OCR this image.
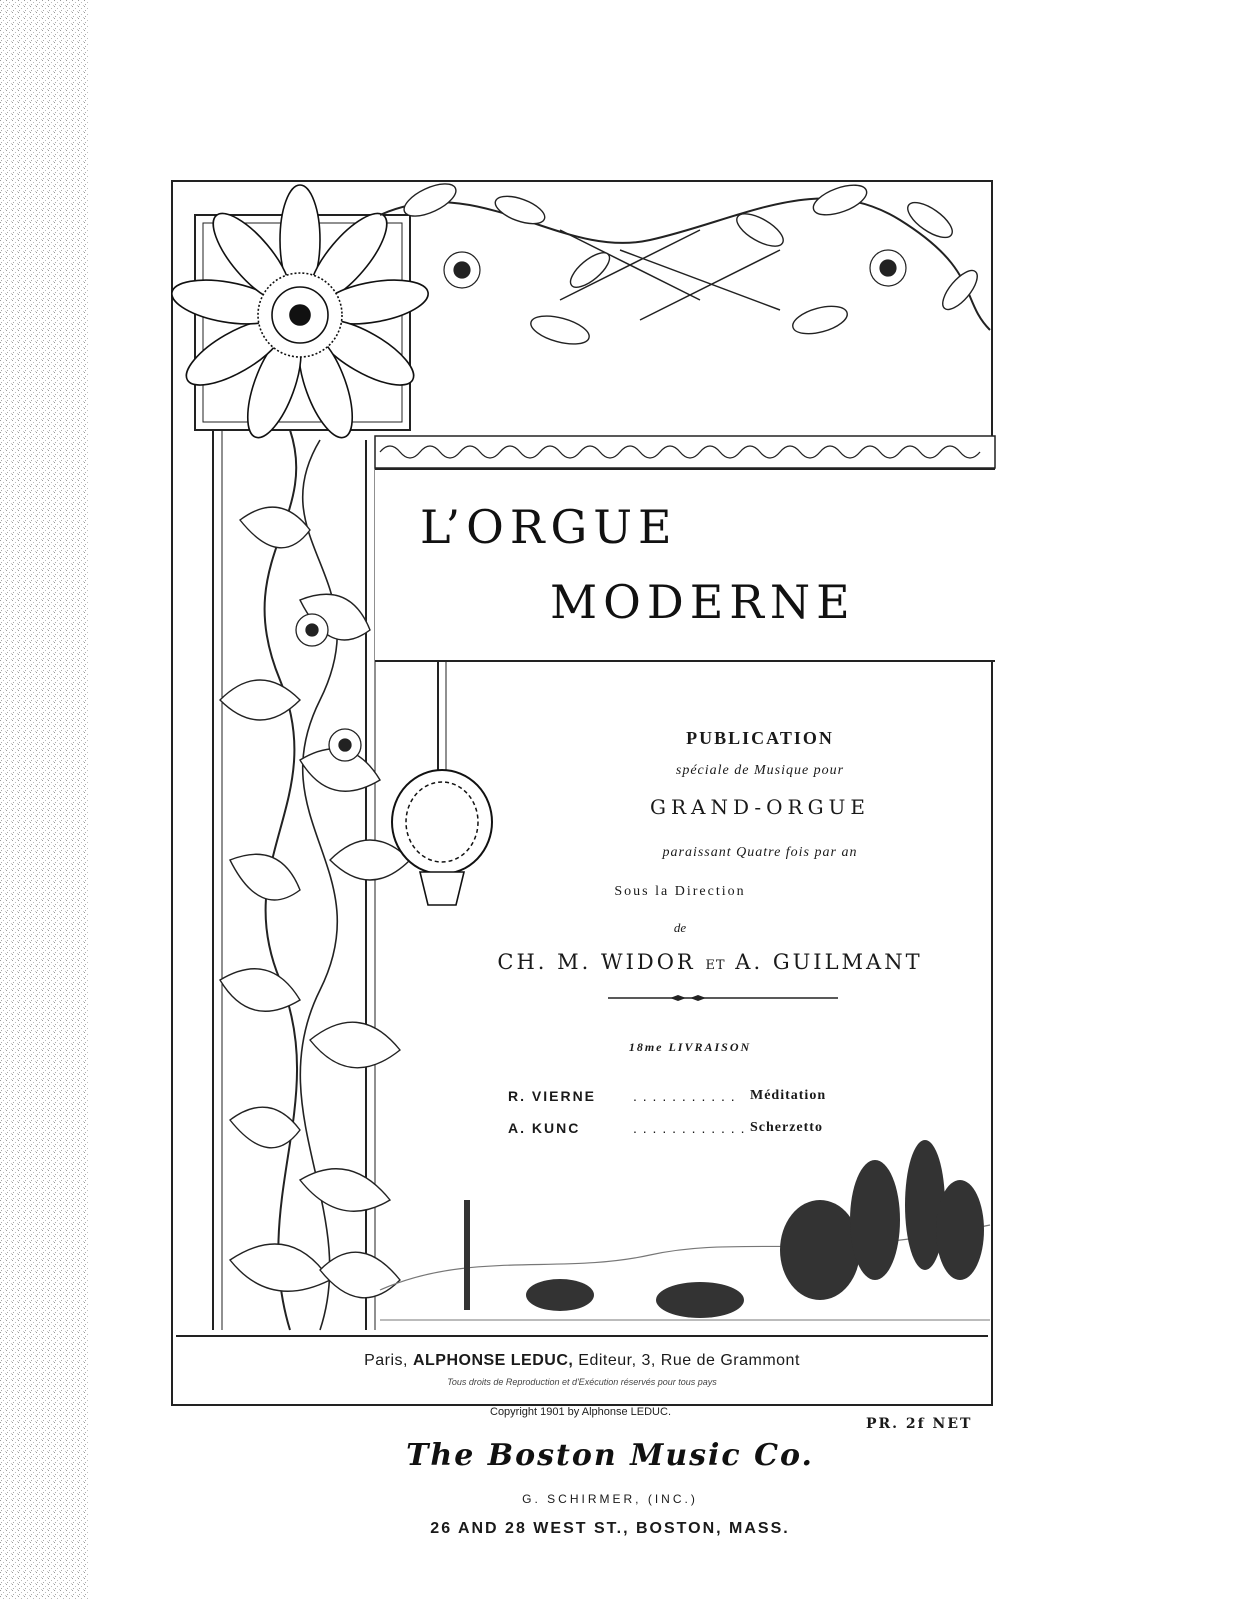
L’ORGUE
MODERNE
PUBLICATION
spéciale de Musique pour
GRAND-ORGUE
paraissant Quatre fois par an
Sous la Direction
de
CH. M. WIDOR ET A. GUILMANT
18me LIVRAISON
R. VIERNE	. . . . . . . . . . . Méditation
A. KUNC	. . . . . . . . . . . . Scherzetto
Paris, ALPHONSE LEDUC, Editeur, 3, Rue de Grammont
Tous droits de Reproduction et d'Exécution réservés pour tous pays
Copyright 1901 by Alphonse LEDUC.
PR. 2f NET
The Boston Music Co.
G. SCHIRMER, (INC.)
26 AND 28 WEST ST., BOSTON, MASS.
